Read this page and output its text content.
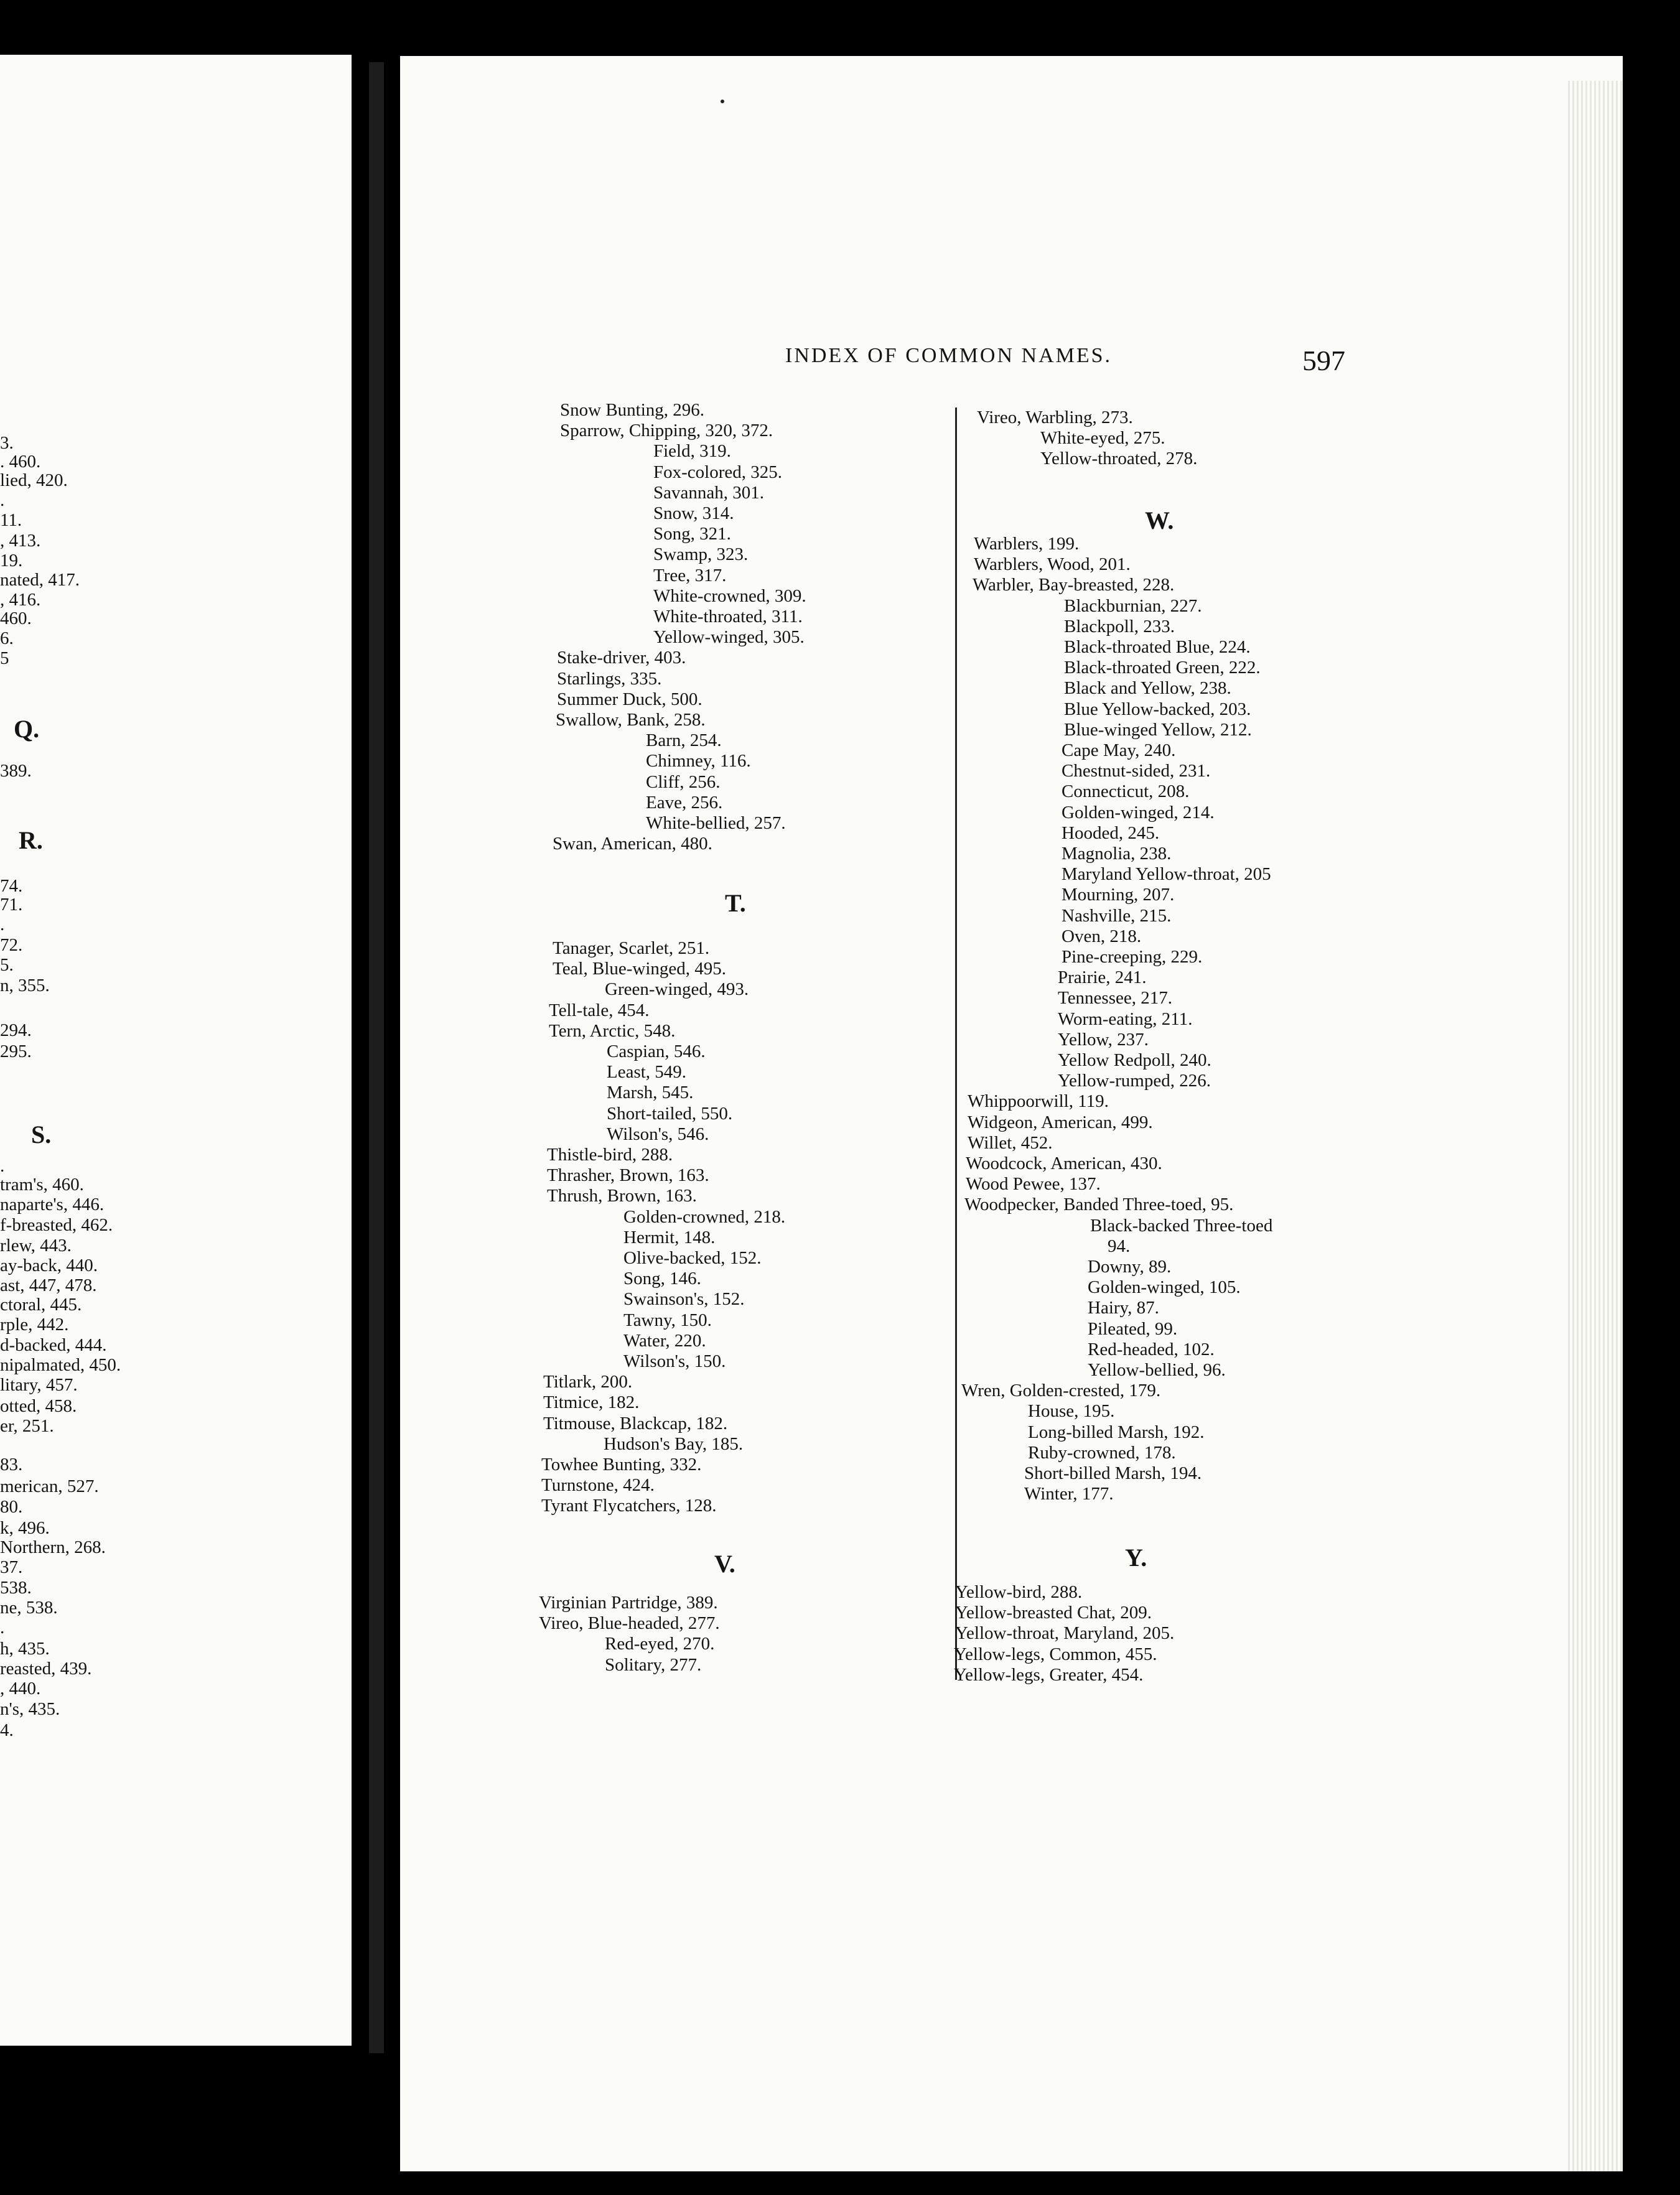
INDEX OF COMMON NAMES.	597
Snow Bunting, 296.
Sparrow, Chipping, 320, 372.
Field, 319.
Fox-colored, 325.
Savannah, 301.
Snow, 314.
Song, 321.
Swamp, 323.
Tree, 317.
White-crowned, 309.
White-throated, 311.
Yellow-winged, 305.
Stake-driver, 403.
Starlings, 335.
Summer Duck, 500.
Swallow, Bank, 258.
Barn, 254.
Chimney, 116.
Cliff, 256.
Eave, 256.
White-bellied, 257.
Swan, American, 480.
T.
Tanager, Scarlet, 251.
Teal, Blue-winged, 495.
Green-winged, 493.
Tell-tale, 454.
Tern, Arctic, 548.
Caspian, 546.
Least, 549.
Marsh, 545.
Short-tailed, 550.
Wilson's, 546.
Thistle-bird, 288.
Thrasher, Brown, 163.
Thrush, Brown, 163.
Golden-crowned, 218.
Hermit, 148.
Olive-backed, 152.
Song, 146.
Swainson's, 152.
Tawny, 150.
Water, 220.
Wilson's, 150.
Titlark, 200.
Titmice, 182.
Titmouse, Blackcap, 182.
Hudson's Bay, 185.
Towhee Bunting, 332.
Turnstone, 424.
Tyrant Flycatchers, 128.
V.
Virginian Partridge, 389.
Vireo, Blue-headed, 277.
Red-eyed, 270.
Solitary, 277.
Vireo, Warbling, 273.
White-eyed, 275.
Yellow-throated, 278.
W.
Warblers, 199.
Warblers, Wood, 201.
Warbler, Bay-breasted, 228.
Blackburnian, 227.
Blackpoll, 233.
Black-throated Blue, 224.
Black-throated Green, 222.
Black and Yellow, 238.
Blue Yellow-backed, 203.
Blue-winged Yellow, 212.
Cape May, 240.
Chestnut-sided, 231.
Connecticut, 208.
Golden-winged, 214.
Hooded, 245.
Magnolia, 238.
Maryland Yellow-throat, 205
Mourning, 207.
Nashville, 215.
Oven, 218.
Pine-creeping, 229.
Prairie, 241.
Tennessee, 217.
Worm-eating, 211.
Yellow, 237.
Yellow Redpoll, 240.
Yellow-rumped, 226.
Whippoorwill, 119.
Widgeon, American, 499.
Willet, 452.
Woodcock, American, 430.
Wood Pewee, 137.
Woodpecker, Banded Three-toed, 95.
Black-backed Three-toed
94.
Downy, 89.
Golden-winged, 105.
Hairy, 87.
Pileated, 99.
Red-headed, 102.
Yellow-bellied, 96.
Wren, Golden-crested, 179.
House, 195.
Long-billed Marsh, 192.
Ruby-crowned, 178.
Short-billed Marsh, 194.
Winter, 177.
Y.
Yellow-bird, 288.
Yellow-breasted Chat, 209.
Yellow-throat, Maryland, 205.
Yellow-legs, Common, 455.
Yellow-legs, Greater, 454.
3.
. 460.
lied, 420.
.
11.
, 413.
19.
nated, 417.
, 416.
460.
6.
5
Q.
389.
R.
74.
71.
.
72.
5.
n, 355.
294.
295.
S.
.
tram's, 460.
naparte's, 446.
f-breasted, 462.
rlew, 443.
ay-back, 440.
ast, 447, 478.
ctoral, 445.
rple, 442.
d-backed, 444.
nipalmated, 450.
litary, 457.
otted, 458.
er, 251.
83.
merican, 527.
80.
k, 496.
Northern, 268.
37.
538.
ne, 538.
.
h, 435.
reasted, 439.
, 440.
n's, 435.
4.
